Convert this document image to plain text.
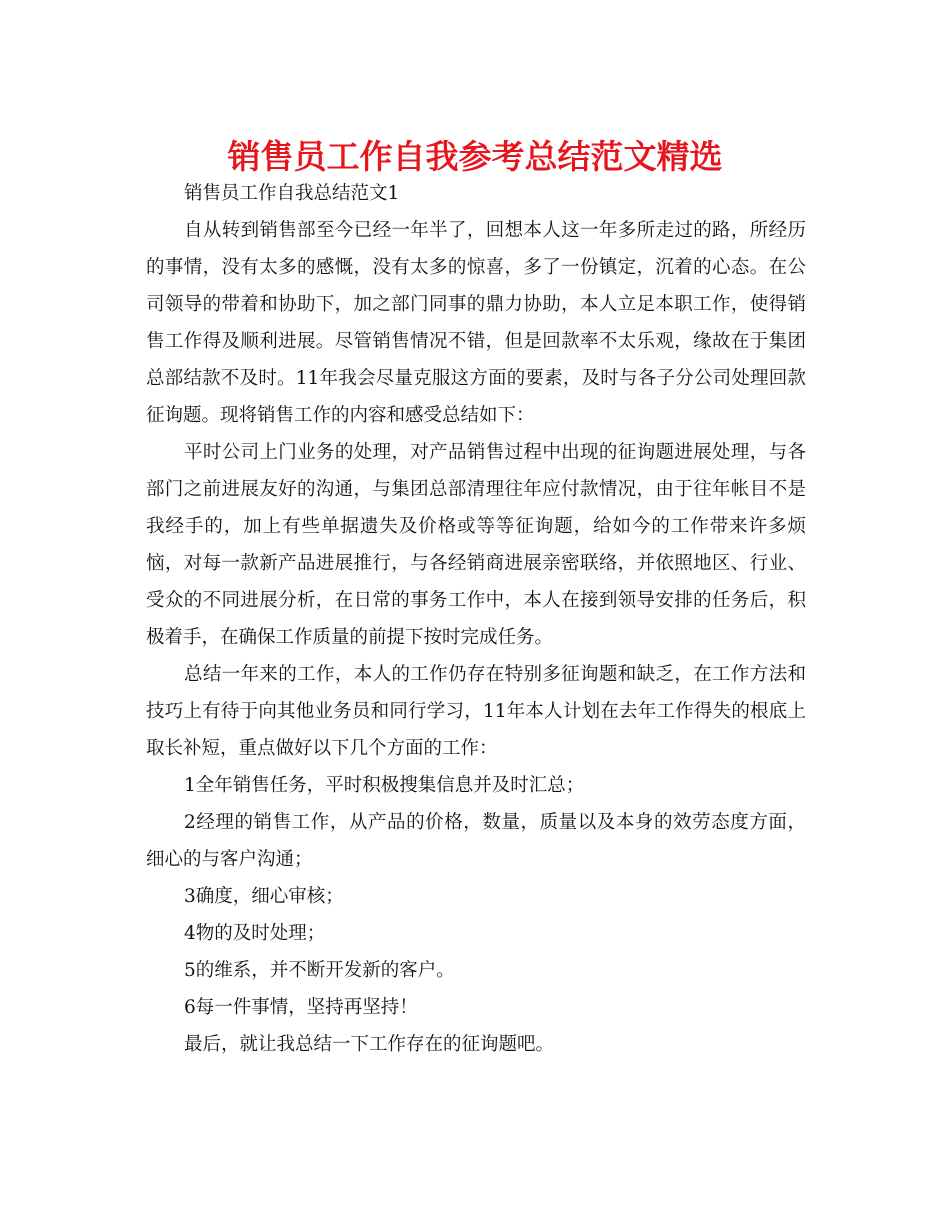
销售员工作自我参考总结范文精选

销售员工作自我总结范文1

自从转到销售部至今已经一年半了，回想本人这一年多所走过的路，所经历的事情，没有太多的感慨，没有太多的惊喜，多了一份镇定，沉着的心态。在公司领导的带着和协助下，加之部门同事的鼎力协助，本人立足本职工作，使得销售工作得及顺利进展。尽管销售情况不错，但是回款率不太乐观，缘故在于集团总部结款不及时。11年我会尽量克服这方面的要素，及时与各子分公司处理回款征询题。现将销售工作的内容和感受总结如下：

平时公司上门业务的处理，对产品销售过程中出现的征询题进展处理，与各部门之前进展友好的沟通，与集团总部清理往年应付款情况，由于往年帐目不是我经手的，加上有些单据遗失及价格或等等征询题，给如今的工作带来许多烦恼，对每一款新产品进展推行，与各经销商进展亲密联络，并依照地区、行业、受众的不同进展分析，在日常的事务工作中，本人在接到领导安排的任务后，积极着手，在确保工作质量的前提下按时完成任务。

总结一年来的工作，本人的工作仍存在特别多征询题和缺乏，在工作方法和技巧上有待于向其他业务员和同行学习，11年本人计划在去年工作得失的根底上取长补短，重点做好以下几个方面的工作：

1全年销售任务，平时积极搜集信息并及时汇总；

2经理的销售工作，从产品的价格，数量，质量以及本身的效劳态度方面，细心的与客户沟通；

3确度，细心审核；

4物的及时处理；

5的维系，并不断开发新的客户。

6每一件事情，坚持再坚持！

最后，就让我总结一下工作存在的征询题吧。
